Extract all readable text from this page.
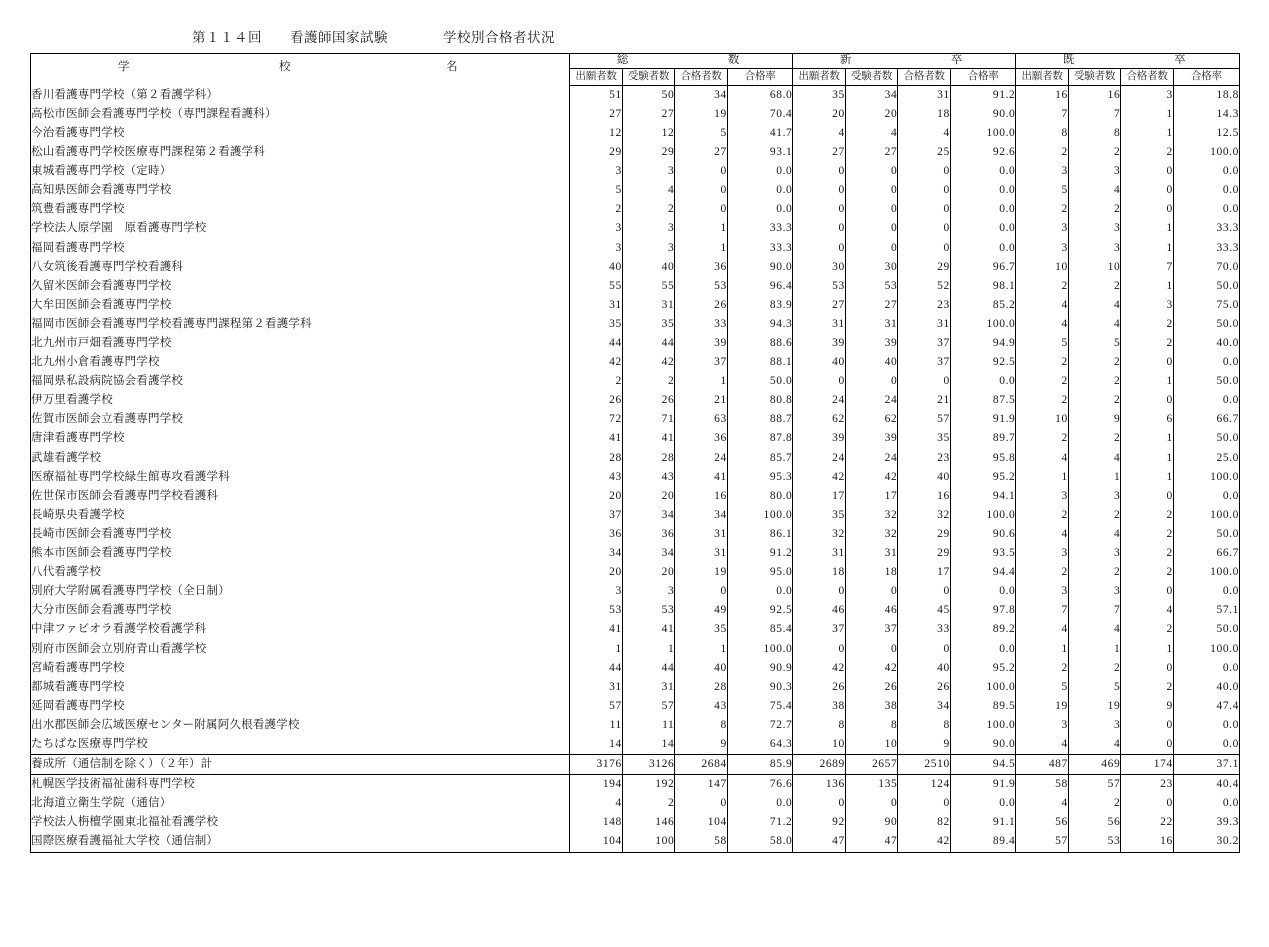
第１１４回 看護師国家試験	学校別合格者状況
学 校 名	総		数		新		卒		既		卒	
	出願者数	受験者数	合格者数	合格率	出願者数	受験者数	合格者数	合格率	出願者数	受験者数	合格者数	合格率
香川看護専門学校（第２看護学科）	51	50	34	68.0	35	34	31	91.2	16	16	3	18.8
高松市医師会看護専門学校（専門課程看護科）	27	27	19	70.4	20	20	18	90.0	7	7	1	14.3
今治看護専門学校	12	12	5	41.7	4	4	4	100.0	8	8	1	12.5
松山看護専門学校医療専門課程第２看護学科	29	29	27	93.1	27	27	25	92.6	2	2	2	100.0
東城看護専門学校（定時）	3	3	0	0.0	0	0	0	0.0	3	3	0	0.0
高知県医師会看護専門学校	5	4	0	0.0	0	0	0	0.0	5	4	0	0.0
筑豊看護専門学校	2	2	0	0.0	0	0	0	0.0	2	2	0	0.0
学校法人原学園　原看護専門学校	3	3	1	33.3	0	0	0	0.0	3	3	1	33.3
福岡看護専門学校	3	3	1	33.3	0	0	0	0.0	3	3	1	33.3
八女筑後看護専門学校看護科	40	40	36	90.0	30	30	29	96.7	10	10	7	70.0
久留米医師会看護専門学校	55	55	53	96.4	53	53	52	98.1	2	2	1	50.0
大牟田医師会看護専門学校	31	31	26	83.9	27	27	23	85.2	4	4	3	75.0
福岡市医師会看護専門学校看護専門課程第２看護学科	35	35	33	94.3	31	31	31	100.0	4	4	2	50.0
北九州市戸畑看護専門学校	44	44	39	88.6	39	39	37	94.9	5	5	2	40.0
北九州小倉看護専門学校	42	42	37	88.1	40	40	37	92.5	2	2	0	0.0
福岡県私設病院協会看護学校	2	2	1	50.0	0	0	0	0.0	2	2	1	50.0
伊万里看護学校	26	26	21	80.8	24	24	21	87.5	2	2	0	0.0
佐賀市医師会立看護専門学校	72	71	63	88.7	62	62	57	91.9	10	9	6	66.7
唐津看護専門学校	41	41	36	87.8	39	39	35	89.7	2	2	1	50.0
武雄看護学校	28	28	24	85.7	24	24	23	95.8	4	4	1	25.0
医療福祉専門学校緑生館専攻看護学科	43	43	41	95.3	42	42	40	95.2	1	1	1	100.0
佐世保市医師会看護専門学校看護科	20	20	16	80.0	17	17	16	94.1	3	3	0	0.0
長崎県央看護学校	37	34	34	100.0	35	32	32	100.0	2	2	2	100.0
長崎市医師会看護専門学校	36	36	31	86.1	32	32	29	90.6	4	4	2	50.0
熊本市医師会看護専門学校	34	34	31	91.2	31	31	29	93.5	3	3	2	66.7
八代看護学校	20	20	19	95.0	18	18	17	94.4	2	2	2	100.0
別府大学附属看護専門学校（全日制）	3	3	0	0.0	0	0	0	0.0	3	3	0	0.0
大分市医師会看護専門学校	53	53	49	92.5	46	46	45	97.8	7	7	4	57.1
中津ファビオラ看護学校看護学科	41	41	35	85.4	37	37	33	89.2	4	4	2	50.0
別府市医師会立別府青山看護学校	1	1	1	100.0	0	0	0	0.0	1	1	1	100.0
宮崎看護専門学校	44	44	40	90.9	42	42	40	95.2	2	2	0	0.0
都城看護専門学校	31	31	28	90.3	26	26	26	100.0	5	5	2	40.0
延岡看護専門学校	57	57	43	75.4	38	38	34	89.5	19	19	9	47.4
出水郡医師会広域医療センター附属阿久根看護学校	11	11	8	72.7	8	8	8	100.0	3	3	0	0.0
たちばな医療専門学校	14	14	9	64.3	10	10	9	90.0	4	4	0	0.0
養成所（通信制を除く）（２年）計	3176	3126	2684	85.9	2689	2657	2510	94.5	487	469	174	37.1
札幌医学技術福祉歯科専門学校	194	192	147	76.6	136	135	124	91.9	58	57	23	40.4
北海道立衛生学院（通信）	4	2	0	0.0	0	0	0	0.0	4	2	0	0.0
学校法人栴檀学園東北福祉看護学校	148	146	104	71.2	92	90	82	91.1	56	56	22	39.3
国際医療看護福祉大学校（通信制）	104	100	58	58.0	47	47	42	89.4	57	53	16	30.2
